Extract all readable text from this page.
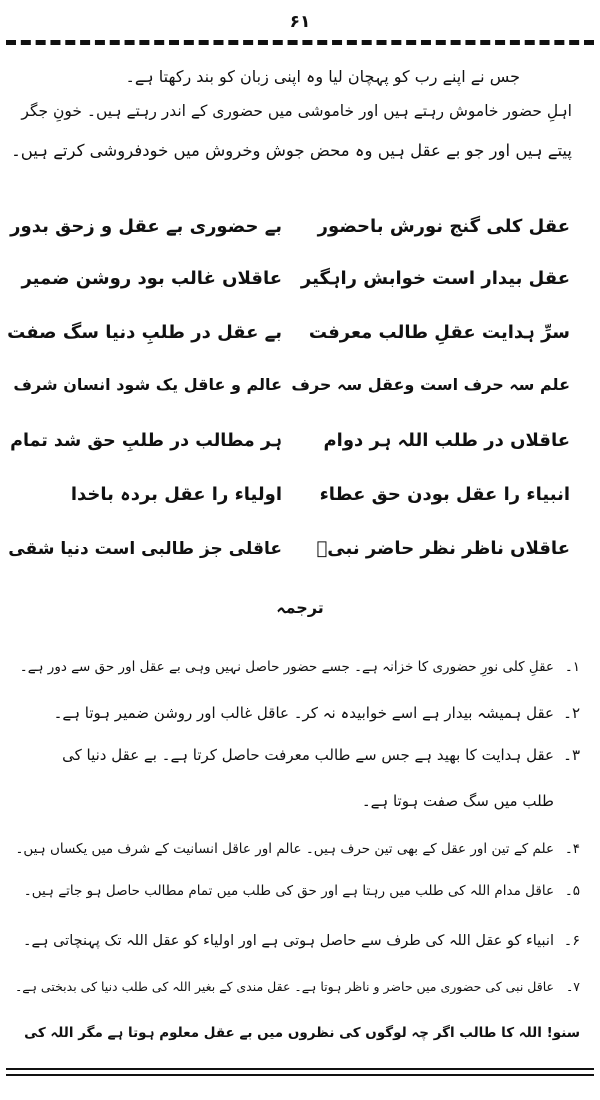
۶۱
جس نے اپنے رب کو پہچان لیا وہ اپنی زبان کو بند رکھتا ہے۔
اہلِ حضور خاموش رہتے ہیں اور خاموشی میں حضوری کے اندر رہتے ہیں۔ خونِ جگر
پیتے ہیں اور جو بے عقل ہیں وہ محض جوش وخروش میں خودفروشی کرتے ہیں۔
عقل کلی گنج نورش باحضور
بے حضوری بے عقل و زحق بدور
عقل بیدار است خوابش راہگیر
عاقلاں غالب بود روشن ضمیر
سرِّ ہدایت عقلِ طالب معرفت
بے عقل در طلبِ دنیا سگ صفت
علم سہ حرف است وعقل سہ حرف
عالم و عاقل یک شود انسان شرف
عاقلاں در طلب اللہ ہر دوام
ہر مطالب در طلبِ حق شد تمام
انبیاء را عقل بودن حق عطاء
اولیاء را عقل بردہ باخدا
عاقلاں ناظر نظر حاضر نبیؐ
عاقلی جز طالبی است دنیا شقی
ترجمہ
۱۔عقلِ کلی نورِ حضوری کا خزانہ ہے۔ جسے حضور حاصل نہیں وہی بے عقل اور حق سے دور ہے۔
۲۔عقل ہمیشہ بیدار ہے اسے خوابیدہ نہ کر۔ عاقل غالب اور روشن ضمیر ہوتا ہے۔
۳۔عقل ہدایت کا بھید ہے جس سے طالب معرفت حاصل کرتا ہے۔ بے عقل دنیا کی
طلب میں سگ صفت ہوتا ہے۔
۴۔علم کے تین اور عقل کے بھی تین حرف ہیں۔ عالم اور عاقل انسانیت کے شرف میں یکساں ہیں۔
۵۔عاقل مدام اللہ کی طلب میں رہتا ہے اور حق کی طلب میں تمام مطالب حاصل ہو جاتے ہیں۔
۶۔انبیاء کو عقل اللہ کی طرف سے حاصل ہوتی ہے اور اولیاء کو عقل اللہ تک پہنچاتی ہے۔
۷۔عاقل نبی کی حضوری میں حاضر و ناظر ہوتا ہے۔ عقل مندی کے بغیر اللہ کی طلب دنیا کی بدبختی ہے۔
سنو! اللہ کا طالب اگر چہ لوگوں کی نظروں میں بے عقل معلوم ہوتا ہے مگر اللہ کی
